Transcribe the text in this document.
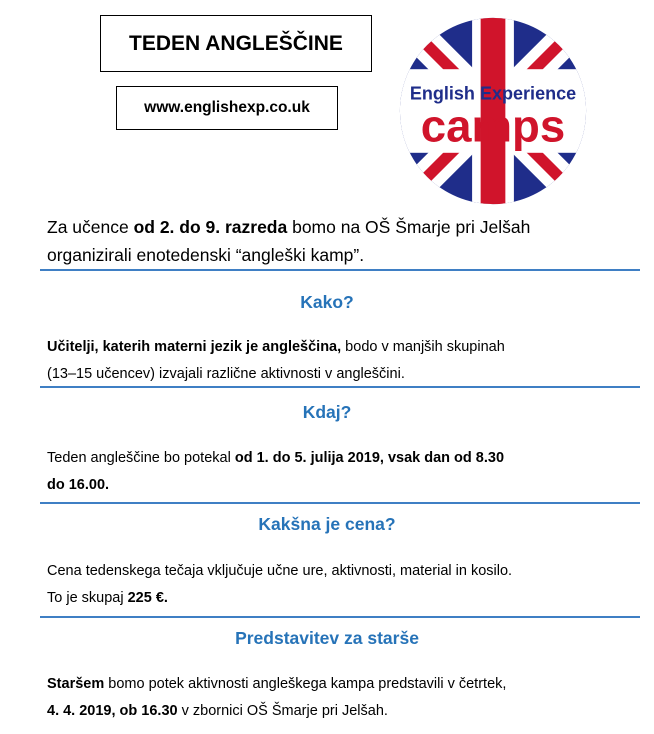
TEDEN ANGLEŠČINE
www.englishexp.co.uk
English Experience
camps
Za učence od 2. do 9. razreda bomo na OŠ Šmarje pri Jelšah
organizirali enotedenski “angleški kamp”.
Kako?
Učitelji, katerih materni jezik je angleščina, bodo v manjših skupinah
(13–15 učencev) izvajali različne aktivnosti v angleščini.
Kdaj?
Teden angleščine bo potekal od 1. do 5. julija 2019, vsak dan od 8.30
do 16.00.
Kakšna je cena?
Cena tedenskega tečaja vključuje učne ure, aktivnosti, material in kosilo.
To je skupaj 225 €.
Predstavitev za starše
Staršem bomo potek aktivnosti angleškega kampa predstavili v četrtek,
4. 4. 2019, ob 16.30 v zbornici OŠ Šmarje pri Jelšah.
